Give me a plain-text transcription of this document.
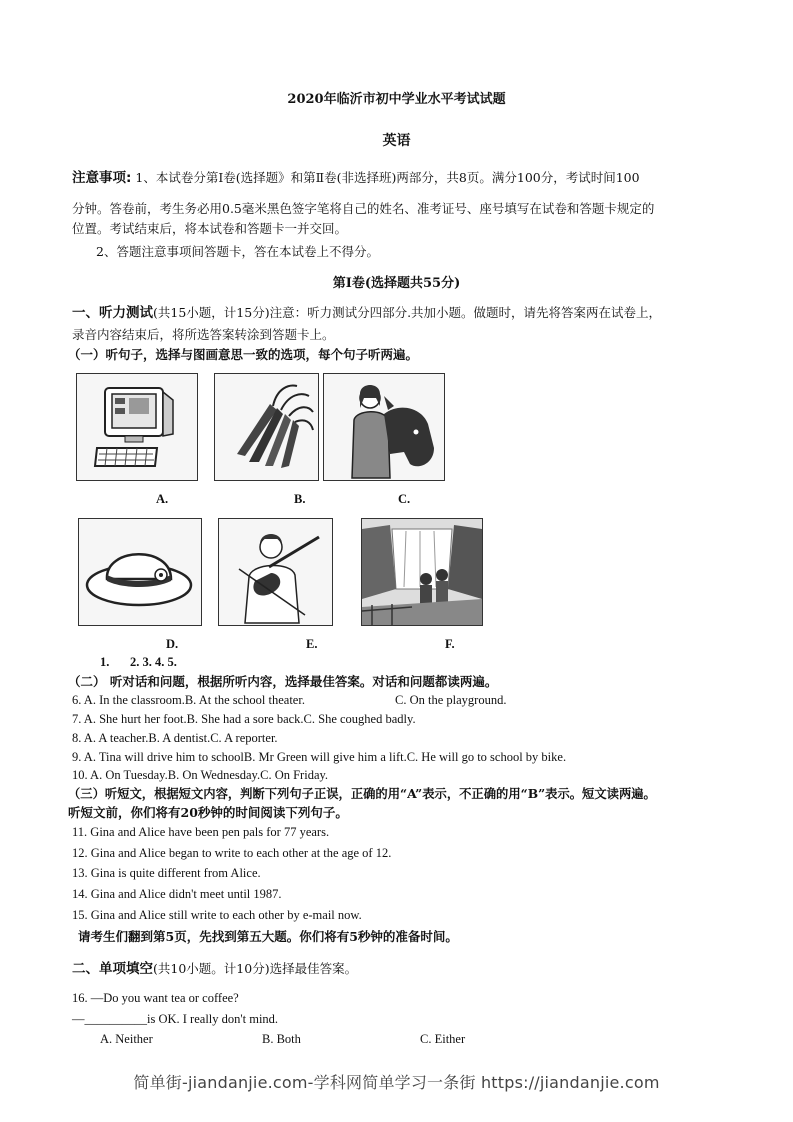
2020年临沂市初中学业水平考试试题
英语
注意事项: 1、本试卷分第Ⅰ卷(选择题》和第Ⅱ卷(非选择班)两部分，共8页。满分100分，考试时间100
分钟。答卷前，考生务必用0.5毫米黑色签字笔将自己的姓名、准考证号、座号填写在试卷和答题卡规定的
位置。考试结束后，将本试卷和答题卡一并交回。
2、答题注意事项间答题卡，答在本试卷上不得分。
第Ⅰ卷(选择题共55分)
一、听力测试(共15小题，计15分)注意：听力测试分四部分.共加小题。做题时，请先将答案两在试卷上，
录音内容结束后，将所选答案转涂到答题卡上。
（一）听句子，选择与图画意思一致的选项，每个句子听两遍。
A.	B.	C.
D.	E.	F.
1. 2. 3. 4. 5.
（二） 听对话和问题，根据所听内容，选择最佳答案。对话和问题都读两遍。
6. A. In the classroom.B. At the school theater.	C. On the playground.
7. A. She hurt her foot.B. She had a sore back.C. She coughed badly.
8. A. A teacher.B. A dentist.C. A reporter.
9. A. Tina will drive him to schoolB. Mr Green will give him a lift.C. He will go to school by bike.
10. A. On Tuesday.B. On Wednesday.C. On Friday.
（三）听短文，根据短文内容，判断下列句子正误，正确的用“A”表示，不正确的用“B”表示。短文读两遍。
听短文前，你们将有20秒钟的时间阅读下列句子。
11. Gina and Alice have been pen pals for 77 years.
12. Gina and Alice began to write to each other at the age of 12.
13. Gina is quite different from Alice.
14. Gina and Alice didn't meet until 1987.
15. Gina and Alice still write to each other by e-mail now.
请考生们翻到第5页，先找到第五大题。你们将有5秒钟的准备时间。
二、单项填空(共10小题。计10分)选择最佳答案。
16. —Do you want tea or coffee?
—__________is OK. I really don't mind.
A. Neither	B. Both	C. Either
简单街-jiandanjie.com-学科网简单学习一条街 https://jiandanjie.com
